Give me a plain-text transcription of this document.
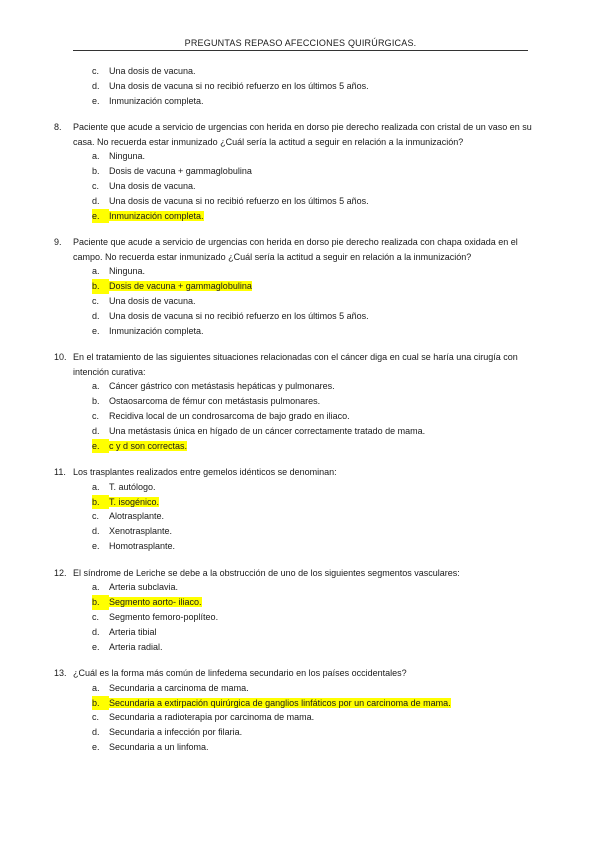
PREGUNTAS REPASO AFECCIONES QUIRÚRGICAS.
c.	Una dosis de vacuna.
d.	Una dosis de vacuna si no recibió refuerzo en los últimos 5 años.
e.	Inmunización completa.
8.	Paciente que acude a servicio de urgencias con herida en dorso pie derecho realizada con cristal de un vaso en su casa. No recuerda estar inmunizado ¿Cuál sería la actitud a seguir en relación a la inmunización?
a.	Ninguna.
b.	Dosis de vacuna + gammaglobulina
c.	Una dosis de vacuna.
d.	Una dosis de vacuna si no recibió refuerzo en los últimos 5 años.
e.	Inmunización completa.
9.	Paciente que acude a servicio de urgencias con herida en dorso pie derecho realizada con chapa oxidada en el campo. No recuerda estar inmunizado ¿Cuál sería la actitud a seguir en relación a la inmunización?
a.	Ninguna.
b.	Dosis de vacuna + gammaglobulina
c.	Una dosis de vacuna.
d.	Una dosis de vacuna si no recibió refuerzo en los últimos 5 años.
e.	Inmunización completa.
10. En el tratamiento de las siguientes situaciones relacionadas con el cáncer diga en cual se haría una cirugía con intención curativa:
a.	Cáncer gástrico con metástasis hepáticas y pulmonares.
b.	Ostaosarcoma de fémur con metástasis pulmonares.
c.	Recidiva local de un condrosarcoma de bajo grado en iliaco.
d.	Una metástasis única en hígado de un cáncer correctamente tratado de mama.
e.	c y d son correctas.
11. Los trasplantes realizados entre gemelos idénticos se denominan:
a.	T. autólogo.
b.	T. isogénico.
c.	Alotrasplante.
d.	Xenotrasplante.
e.	Homotrasplante.
12. El síndrome de Leriche se debe a la obstrucción de uno de los siguientes segmentos vasculares:
a.	Arteria subclavia.
b.	Segmento aorto- iliaco.
c.	Segmento femoro-poplíteo.
d.	Arteria tibial
e.	Arteria radial.
13. ¿Cuál es la forma más común de linfedema secundario en los países occidentales?
a.	Secundaria a carcinoma de mama.
b.	Secundaria a extirpación quirúrgica de ganglios linfáticos por un carcinoma de mama.
c.	Secundaria a radioterapia por carcinoma de mama.
d.	Secundaria a infección por filaria.
e.	Secundaria a un linfoma.
